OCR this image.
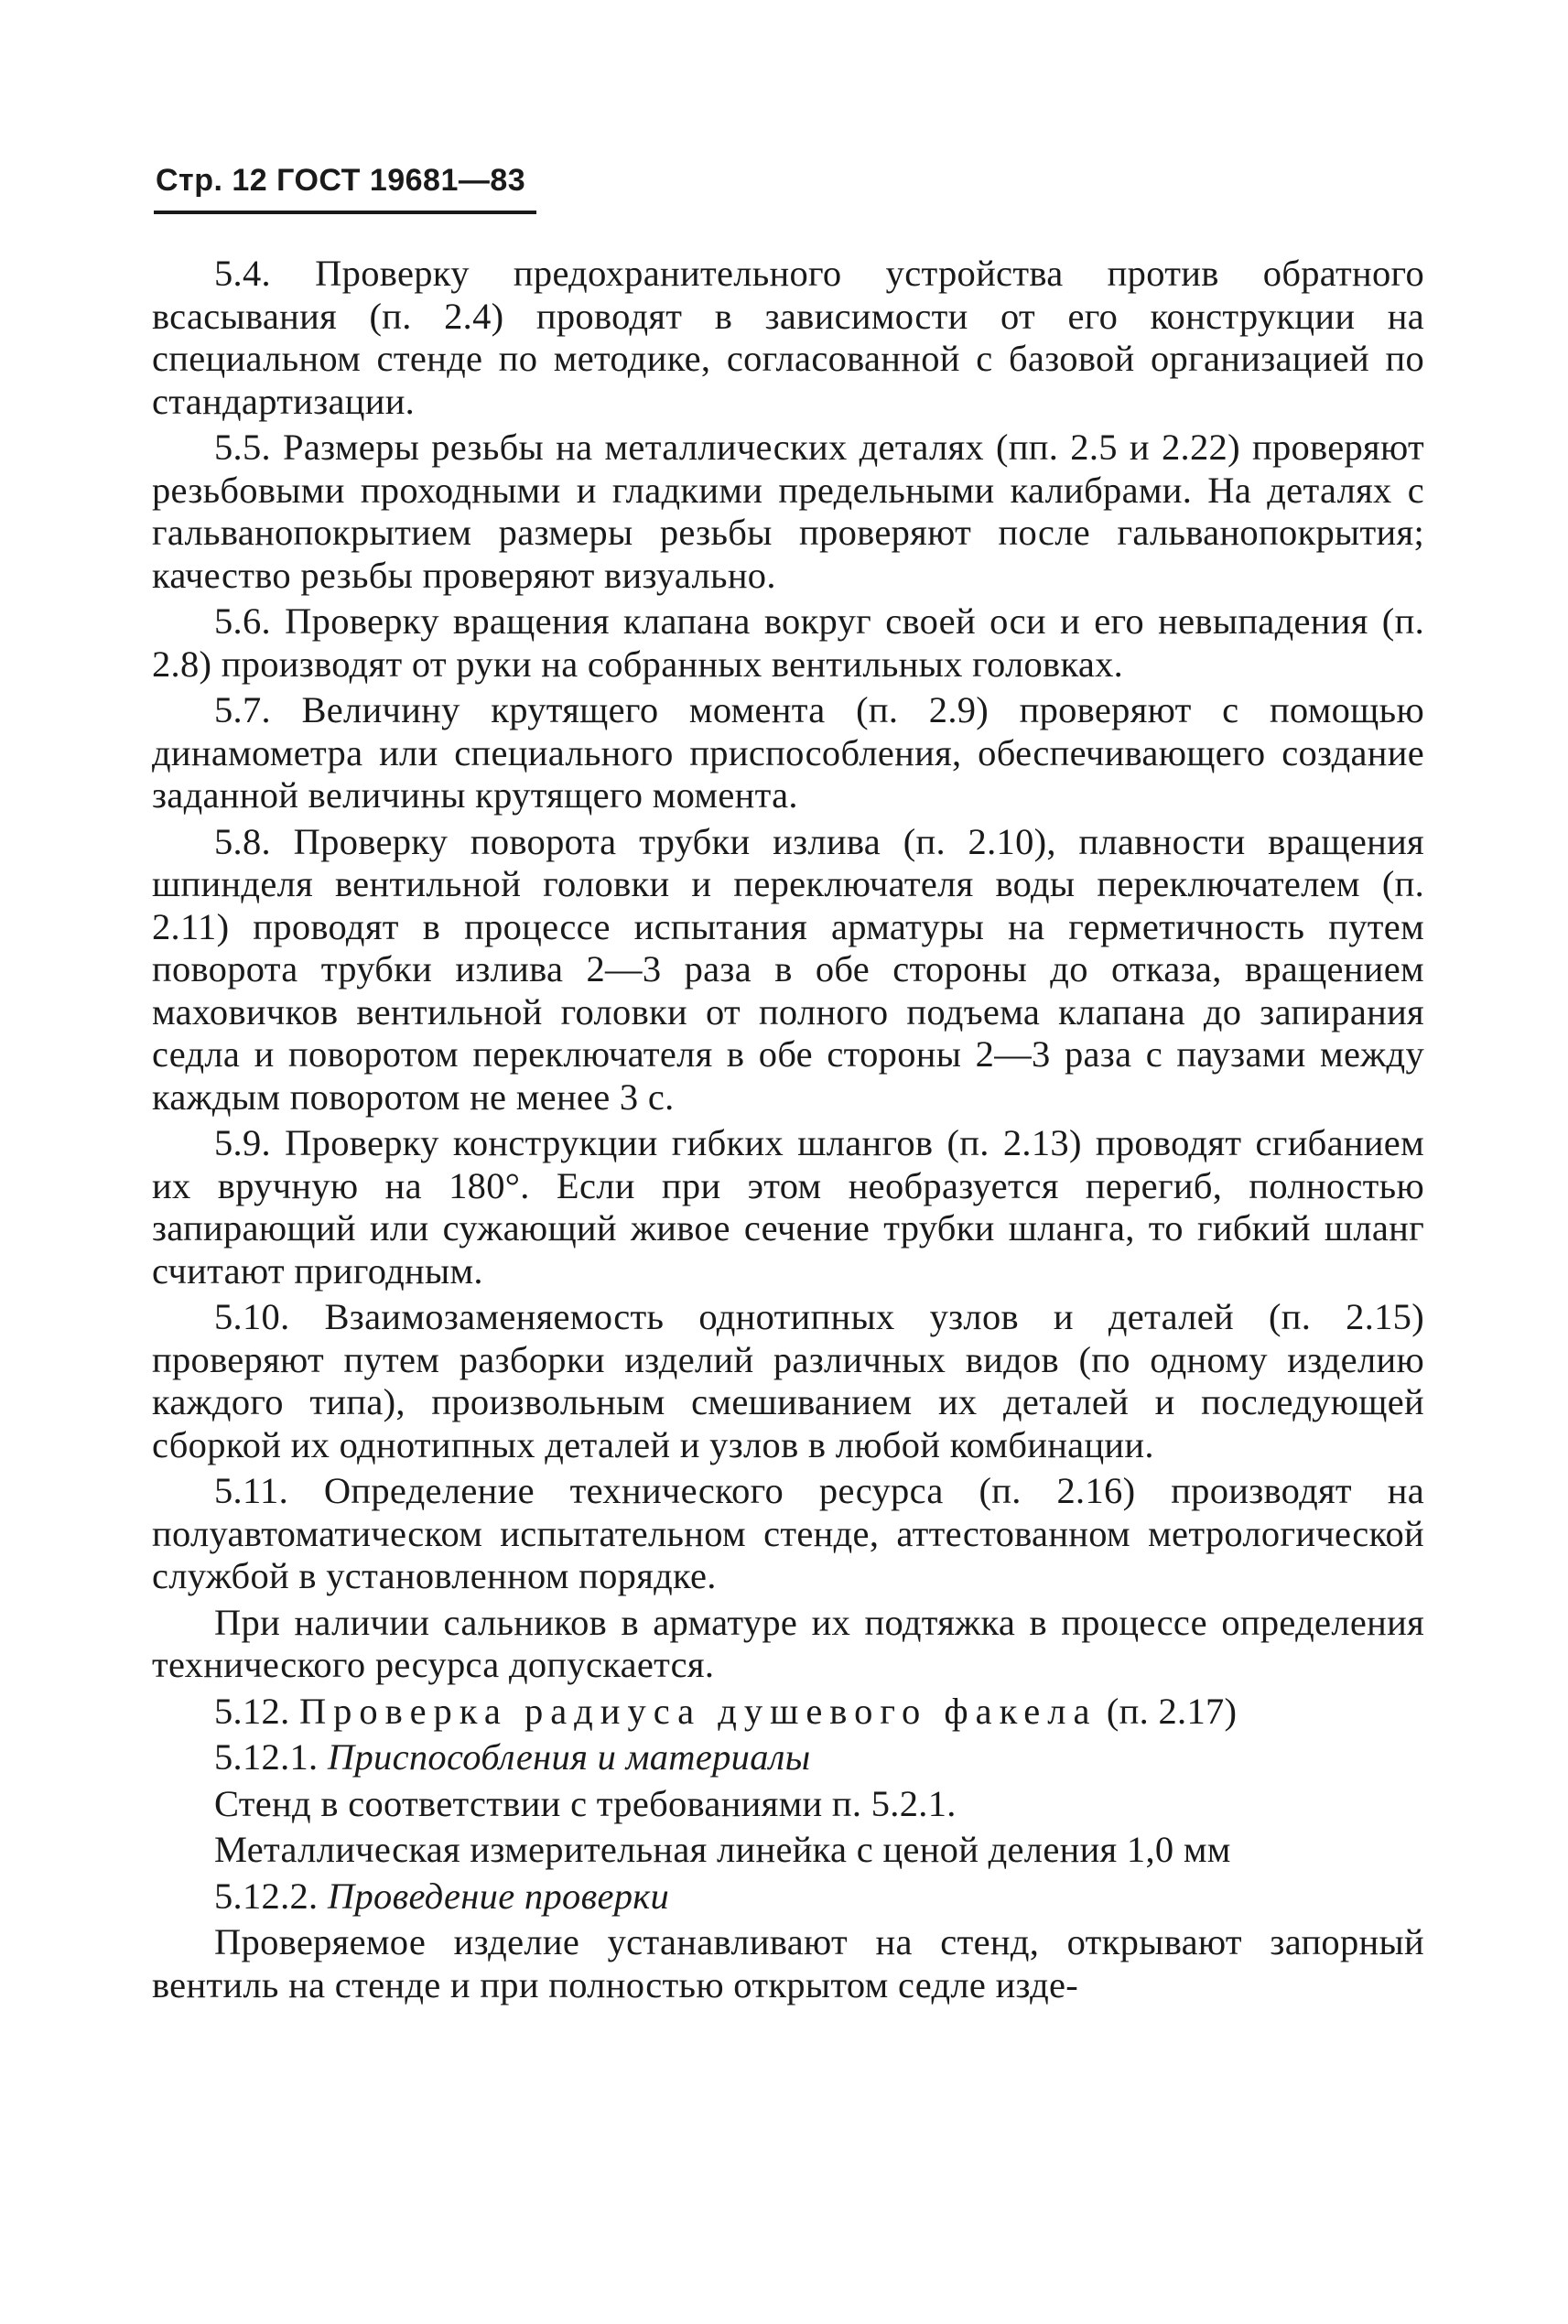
Стр. 12 ГОСТ 19681—83

5.4. Проверку предохранительного устройства против обратного всасывания (п. 2.4) проводят в зависимости от его конструкции на специальном стенде по методике, согласованной с базовой организацией по стандартизации.

5.5. Размеры резьбы на металлических деталях (пп. 2.5 и 2.22) проверяют резьбовыми проходными и гладкими предельными калибрами. На деталях с гальванопокрытием размеры резьбы проверяют после гальванопокрытия; качество резьбы проверяют визуально.

5.6. Проверку вращения клапана вокруг своей оси и его невыпадения (п. 2.8) производят от руки на собранных вентильных головках.

5.7. Величину крутящего момента (п. 2.9) проверяют с помощью динамометра или специального приспособления, обеспечивающего создание заданной величины крутящего момента.

5.8. Проверку поворота трубки излива (п. 2.10), плавности вращения шпинделя вентильной головки и переключателя воды переключателем (п. 2.11) проводят в процессе испытания арматуры на герметичность путем поворота трубки излива 2—3 раза в обе стороны до отказа, вращением маховичков вентильной головки от полного подъема клапана до запирания седла и поворотом переключателя в обе стороны 2—3 раза с паузами между каждым поворотом не менее 3 с.

5.9. Проверку конструкции гибких шлангов (п. 2.13) проводят сгибанием их вручную на 180°. Если при этом необразуется перегиб, полностью запирающий или сужающий живое сечение трубки шланга, то гибкий шланг считают пригодным.

5.10. Взаимозаменяемость однотипных узлов и деталей (п. 2.15) проверяют путем разборки изделий различных видов (по одному изделию каждого типа), произвольным смешиванием их деталей и последующей сборкой их однотипных деталей и узлов в любой комбинации.

5.11. Определение технического ресурса (п. 2.16) производят на полуавтоматическом испытательном стенде, аттестованном метрологической службой в установленном порядке.

При наличии сальников в арматуре их подтяжка в процессе определения технического ресурса допускается.

5.12. Проверка радиуса душевого факела (п. 2.17)

5.12.1. Приспособления и материалы

Стенд в соответствии с требованиями п. 5.2.1.

Металлическая измерительная линейка с ценой деления 1,0 мм

5.12.2. Проведение проверки

Проверяемое изделие устанавливают на стенд, открывают запорный вентиль на стенде и при полностью открытом седле изде-
